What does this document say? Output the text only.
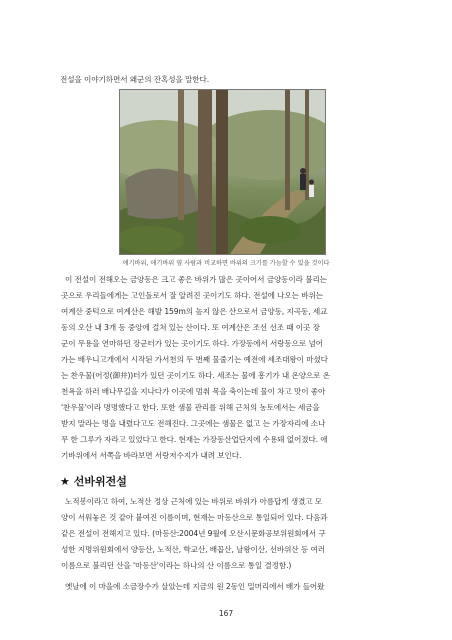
전설을 이야기하면서 왜군의 잔혹성을 말한다.
애기바위, 애기바위 옆 사람과 비교하면 바위의 크기를 가늠할 수 있을 것이다
이 전설이 전해오는 금양동은 크고 좋은 바위가 많은 곳이어서 금양동이라 불리는
곳으로 우리들에게는 고인돌로서 잘 알려진 곳이기도 하다. 전설에 나오는 바위는
여계산 중턱으로 여계산은 해발 159m의 높지 않은 산으로서 금양동, 지곡동, 세교
동의 오산 내 3개 동 중앙에 걸쳐 있는 산이다. 또 여계산은 조선 선조 때 이곳 장
군이 무용을 연마하던 장군터가 있는 곳이기도 하다. 가장동에서 서랑동으로 넘어
가는 배우니고개에서 시작된 가서천의 두 번째 물줄기는 예전에 세조대왕이 마셨다
는 찬우물(어정(御井))터가 있던 곳이기도 하다. 세조는 물에 흥기가 내 온양으로 온
천욕을 하러 배나무길을 지나다가 이곳에 멈춰 목을 축이는데 물이 차고 맛이 좋아
'찬우물'이라 명명했다고 한다. 또한 샘물 관리를 위해 근처의 농토에서는 세금을
받지 말라는 명을 내렸다고도 전해진다. 그곳에는 샘물은 없고 는 가장자리에 소나
무 한 그루가 자라고 있었다고 한다. 현재는 가장동산업단지에 수용돼 없어졌다. 애
기바위에서 서쪽을 바라보면 서랑저수지가 내려 보인다.
★ 선바위전설
노적봉이라고 하여, 노적산 정상 근처에 있는 바위로 바위가 아름답게 생겼고 모
양이 서워놓은 것 같아 붙여진 이름이며, 현재는 마등산으로 통일되어 있다. 다음과
같은 전설이 전해지고 있다. (마등산:2004년 9월에 오산시문화공보위원회에서 구
성한 지명위원회에서 양등산, 노적산, 학교산, 배꼽산, 날왕이산, 선바위산 등 여러
이름으로 불리던 산을 '마등산'이라는 하나의 산 이름으로 통일 결정함.)
옛날에 이 마을에 소금장수가 살았는데 지금의 원 2동인 밀머리에서 배가 들어왔
167
